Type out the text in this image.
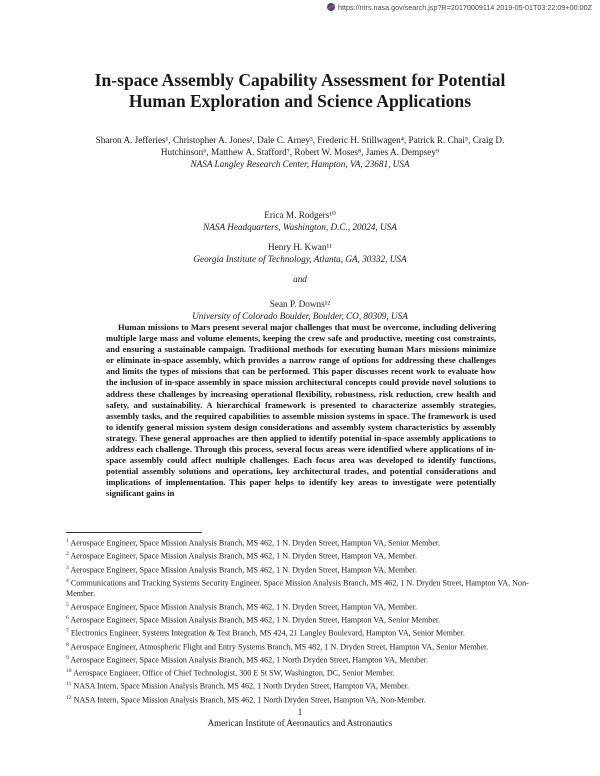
https://ntrs.nasa.gov/search.jsp?R=20170009114 2019-05-01T03:22:09+00:00Z
In-space Assembly Capability Assessment for Potential
Human Exploration and Science Applications
Sharon A. Jefferies¹, Christopher A. Jones², Dale C. Arney³, Frederic H. Stillwagen⁴, Patrick R. Chai⁵, Craig D.
Hutchinson⁶, Matthew A. Stafford⁷, Robert W. Moses⁸, James A. Dempsey⁹
NASA Langley Research Center, Hampton, VA, 23681, USA
Erica M. Rodgers¹⁰
NASA Headquarters, Washington, D.C., 20024, USA
Henry H. Kwan¹¹
Georgia Institute of Technology, Atlanta, GA, 30332, USA
and
Sean P. Downs¹²
University of Colorado Boulder, Boulder, CO, 80309, USA

Human missions to Mars present several major challenges that must be overcome, including delivering multiple large mass and volume elements, keeping the crew safe and productive, meeting cost constraints, and ensuring a sustainable campaign. Traditional methods for executing human Mars missions minimize or eliminate in-space assembly, which provides a narrow range of options for addressing these challenges and limits the types of missions that can be performed. This paper discusses recent work to evaluate how the inclusion of in-space assembly in space mission architectural concepts could provide novel solutions to address these challenges by increasing operational flexibility, robustness, risk reduction, crew health and safety, and sustainability. A hierarchical framework is presented to characterize assembly strategies, assembly tasks, and the required capabilities to assemble mission systems in space. The framework is used to identify general mission system design considerations and assembly system characteristics by assembly strategy. These general approaches are then applied to identify potential in-space assembly applications to address each challenge. Through this process, several focus areas were identified where applications of in-space assembly could affect multiple challenges. Each focus area was developed to identify functions, potential assembly solutions and operations, key architectural trades, and potential considerations and implications of implementation. This paper helps to identify key areas to investigate were potentially significant gains in

$^1$ Aerospace Engineer, Space Mission Analysis Branch, MS 462, 1 N. Dryden Street, Hampton VA, Senior Member.

$^2$ Aerospace Engineer, Space Mission Analysis Branch, MS 462, 1 N. Dryden Street, Hampton VA, Member.

$^3$ Aerospace Engineer, Space Mission Analysis Branch, MS 462, 1 N. Dryden Street, Hampton VA, Member.

$^4$ Communications and Tracking Systems Security Engineer, Space Mission Analysis Branch, MS 462, 1 N. Dryden Street, Hampton VA, Non-Member.

$^5$ Aerospace Engineer, Space Mission Analysis Branch, MS 462, 1 N. Dryden Street, Hampton VA, Member.

$^6$ Aerospace Engineer, Space Mission Analysis Branch, MS 462, 1 N. Dryden Street, Hampton VA, Senior Member.

$^7$ Electronics Engineer, Systems Integration & Test Branch, MS 424, 21 Langley Boulevard, Hampton VA, Senior Member.

$^8$ Aerospace Engineer, Atmospheric Flight and Entry Systems Branch, MS 482, 1 N. Dryden Street, Hampton VA, Senior Member.

$^9$ Aerospace Engineer, Space Mission Analysis Branch, MS 462, 1 North Dryden Street, Hampton VA, Member.

$^{10}$ Aerospace Engineer, Office of Chief Technologist, 300 E St SW, Washington, DC, Senior Member.

$^{11}$ NASA Intern, Space Mission Analysis Branch, MS 462, 1 North Dryden Street, Hampton VA, Member.

$^{12}$ NASA Intern, Space Mission Analysis Branch, MS 462, 1 North Dryden Street, Hampton VA, Non-Member.

1
American Institute of Aeronautics and Astronautics
